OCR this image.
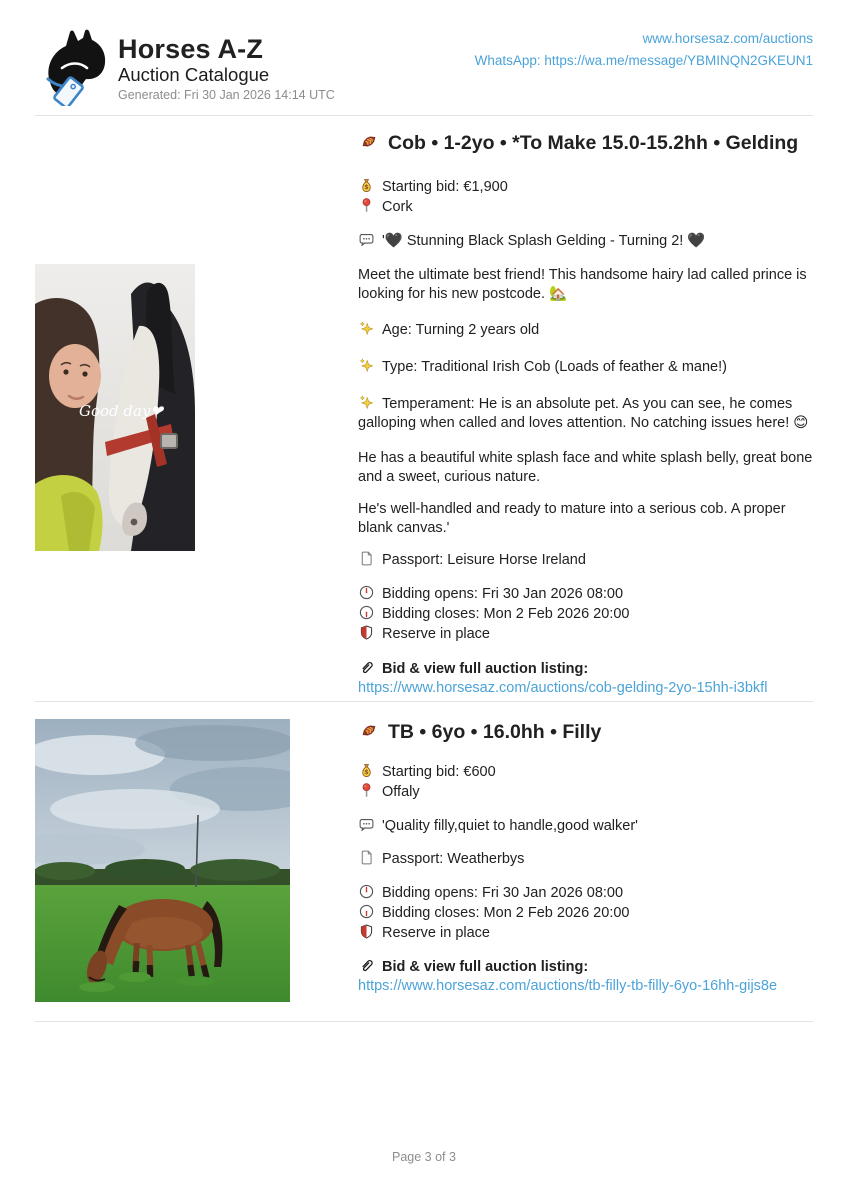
Horses A-Z
Auction Catalogue
Generated: Fri 30 Jan 2026 14:14 UTC
www.horsesaz.com/auctions
WhatsApp: https://wa.me/message/YBMINQN2GKEUN1
Good day❤
Cob • 1-2yo • *To Make 15.0-15.2hh • Gelding
Starting bid: €1,900
Cork
'🖤 Stunning Black Splash Gelding - Turning 2! 🖤
Meet the ultimate best friend! This handsome hairy lad called prince is looking for his new postcode. 🏡
Age: Turning 2 years old
Type: Traditional Irish Cob (Loads of feather & mane!)
Temperament: He is an absolute pet. As you can see, he comes galloping when called and loves attention. No catching issues here! 😊
He has a beautiful white splash face and white splash belly, great bone and a sweet, curious nature.
He's well-handled and ready to mature into a serious cob. A proper blank canvas.'
Passport: Leisure Horse Ireland
Bidding opens: Fri 30 Jan 2026 08:00
Bidding closes: Mon 2 Feb 2026 20:00
Reserve in place
Bid & view full auction listing:
https://www.horsesaz.com/auctions/cob-gelding-2yo-15hh-i3bkfl
TB • 6yo • 16.0hh • Filly
Starting bid: €600
Offaly
'Quality filly,quiet to handle,good walker'
Passport: Weatherbys
Bidding opens: Fri 30 Jan 2026 08:00
Bidding closes: Mon 2 Feb 2026 20:00
Reserve in place
Bid & view full auction listing:
https://www.horsesaz.com/auctions/tb-filly-tb-filly-6yo-16hh-gijs8e
Page 3 of 3
